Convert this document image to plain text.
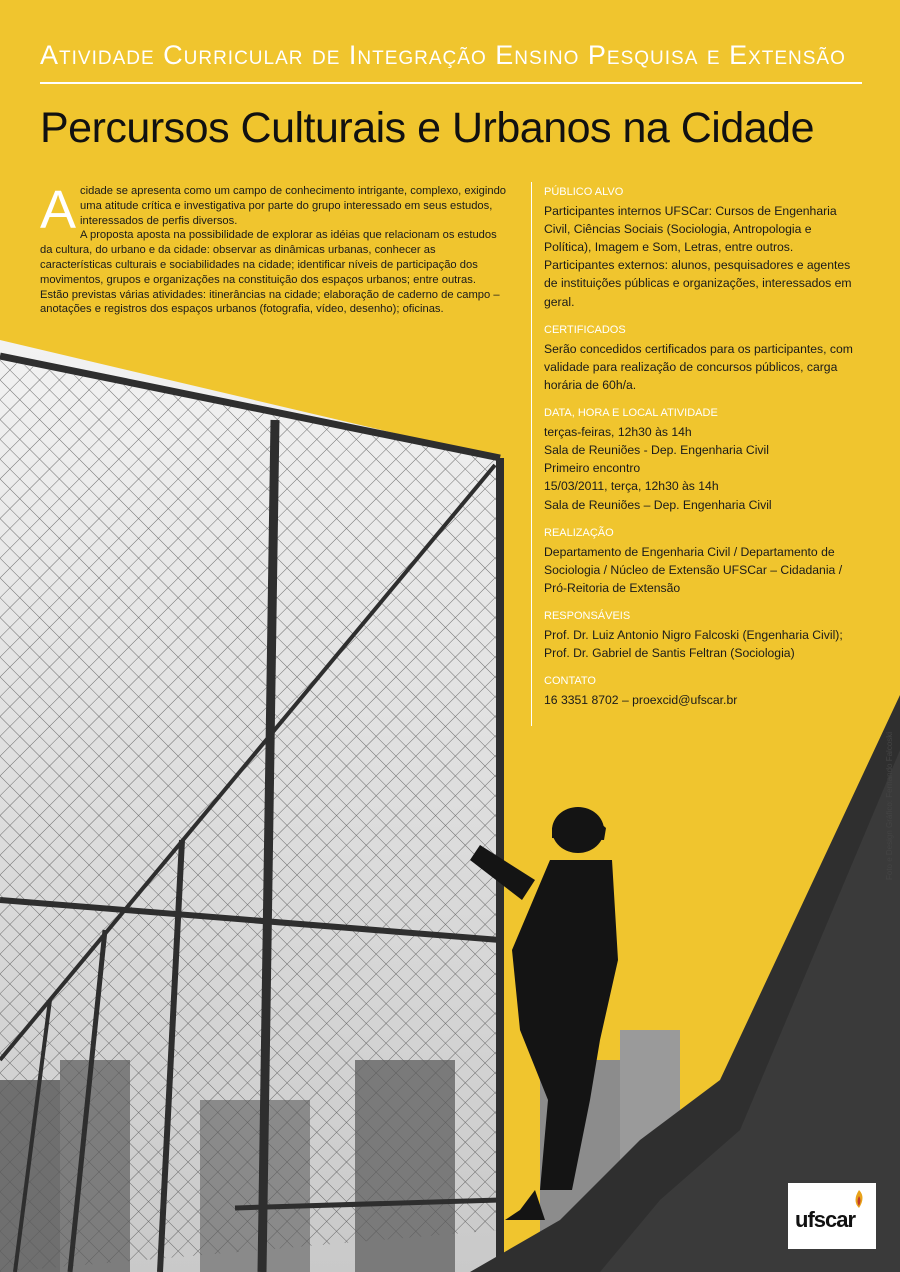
Atividade Curricular de Integração Ensino Pesquisa e Extensão
Percursos Culturais e Urbanos na Cidade
A cidade se apresenta como um campo de conhecimento intrigante, complexo, exigindo uma atitude crítica e investigativa por parte do grupo interessado em seus estudos, interessados de perfis diversos.

A proposta aposta na possibilidade de explorar as idéias que relacionam os estudos da cultura, do urbano e da cidade: observar as dinâmicas urbanas, conhecer as características culturais e sociabilidades na cidade; identificar níveis de participação dos movimentos, grupos e organizações na constituição dos espaços urbanos; entre outras.

Estão previstas várias atividades: itinerâncias na cidade; elaboração de caderno de campo – anotações e registros dos espaços urbanos (fotografia, vídeo, desenho); oficinas.

PÚBLICO ALVO
Participantes internos UFSCar: Cursos de Engenharia Civil, Ciências Sociais (Sociologia, Antropologia e Política), Imagem e Som, Letras, entre outros. Participantes externos: alunos, pesquisadores e agentes de instituições públicas e organizações, interessados em geral.
CERTIFICADOS
Serão concedidos certificados para os participantes, com validade para realização de concursos públicos, carga horária de 60h/a.
DATA, HORA E LOCAL ATIVIDADE
terças-feiras, 12h30 às 14h
Sala de Reuniões - Dep. Engenharia Civil
Primeiro encontro
15/03/2011, terça, 12h30 às 14h
Sala de Reuniões – Dep. Engenharia Civil
REALIZAÇÃO
Departamento de Engenharia Civil / Departamento de Sociologia / Núcleo de Extensão UFSCar – Cidadania / Pró-Reitoria de Extensão
RESPONSÁVEIS
Prof. Dr. Luiz Antonio Nigro Falcoski (Engenharia Civil);
Prof. Dr. Gabriel de Santis Feltran (Sociologia)
CONTATO
16 3351 8702 – proexcid@ufscar.br
Foto e Design Gráfico: Fernando Falcoski
ufscar
